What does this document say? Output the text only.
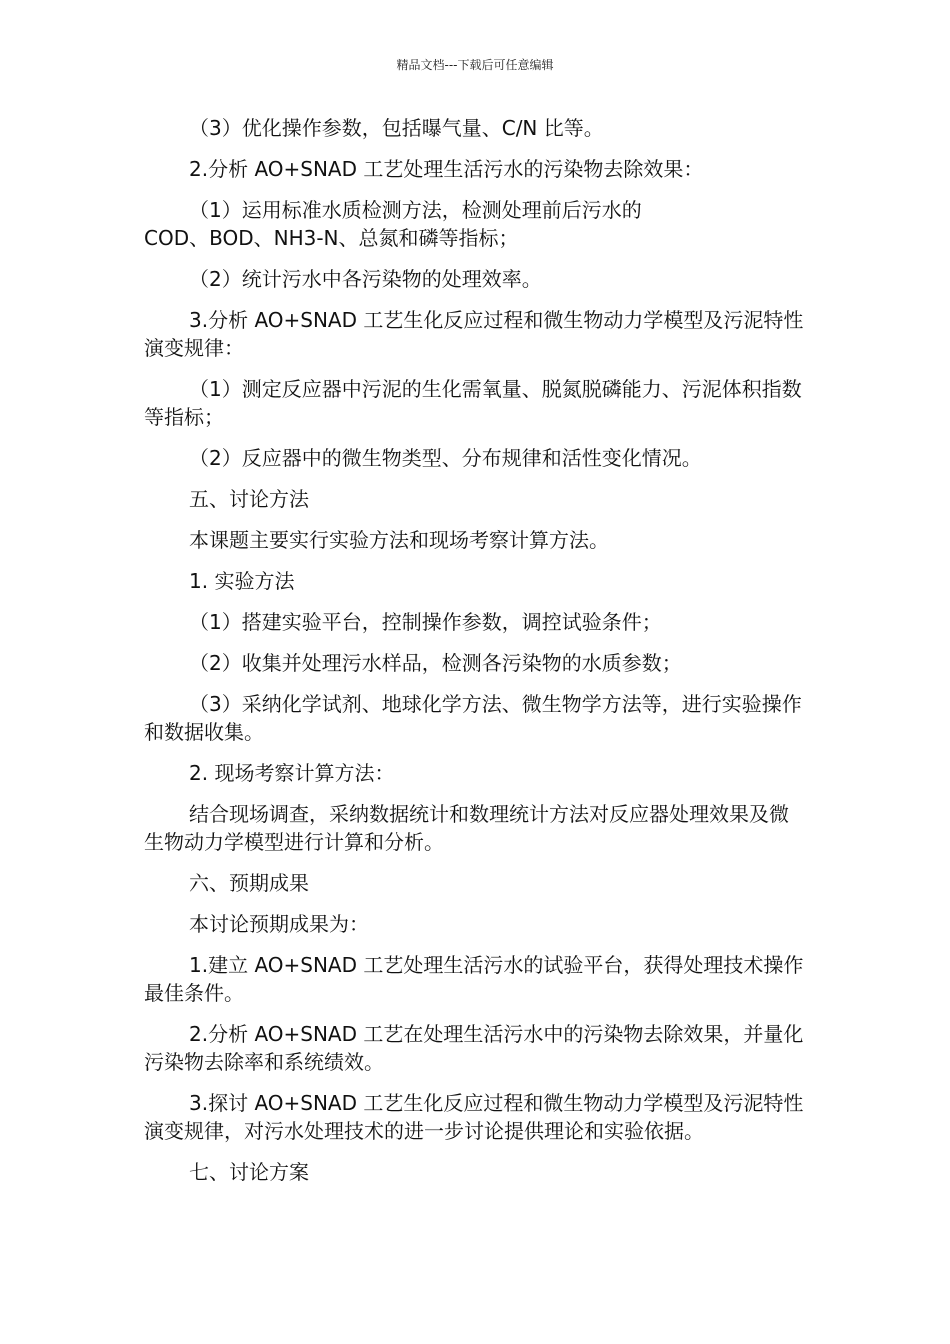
精品文档---下载后可任意编辑

（3）优化操作参数，包括曝气量、C/N 比等。

2.分析 AO+SNAD 工艺处理生活污水的污染物去除效果：

（1）运用标准水质检测方法，检测处理前后污水的
COD、BOD、NH3-N、总氮和磷等指标；

（2）统计污水中各污染物的处理效率。

3.分析 AO+SNAD 工艺生化反应过程和微生物动力学模型及污泥特性演变规律：

（1）测定反应器中污泥的生化需氧量、脱氮脱磷能力、污泥体积指数等指标；

（2）反应器中的微生物类型、分布规律和活性变化情况。

五、讨论方法

本课题主要实行实验方法和现场考察计算方法。

1. 实验方法

（1）搭建实验平台，控制操作参数，调控试验条件；

（2）收集并处理污水样品，检测各污染物的水质参数；

（3）采纳化学试剂、地球化学方法、微生物学方法等，进行实验操作和数据收集。

2. 现场考察计算方法：

结合现场调查，采纳数据统计和数理统计方法对反应器处理效果及微生物动力学模型进行计算和分析。

六、预期成果

本讨论预期成果为：

1.建立 AO+SNAD 工艺处理生活污水的试验平台，获得处理技术操作最佳条件。

2.分析 AO+SNAD 工艺在处理生活污水中的污染物去除效果，并量化污染物去除率和系统绩效。

3.探讨 AO+SNAD 工艺生化反应过程和微生物动力学模型及污泥特性演变规律，对污水处理技术的进一步讨论提供理论和实验依据。

七、讨论方案
